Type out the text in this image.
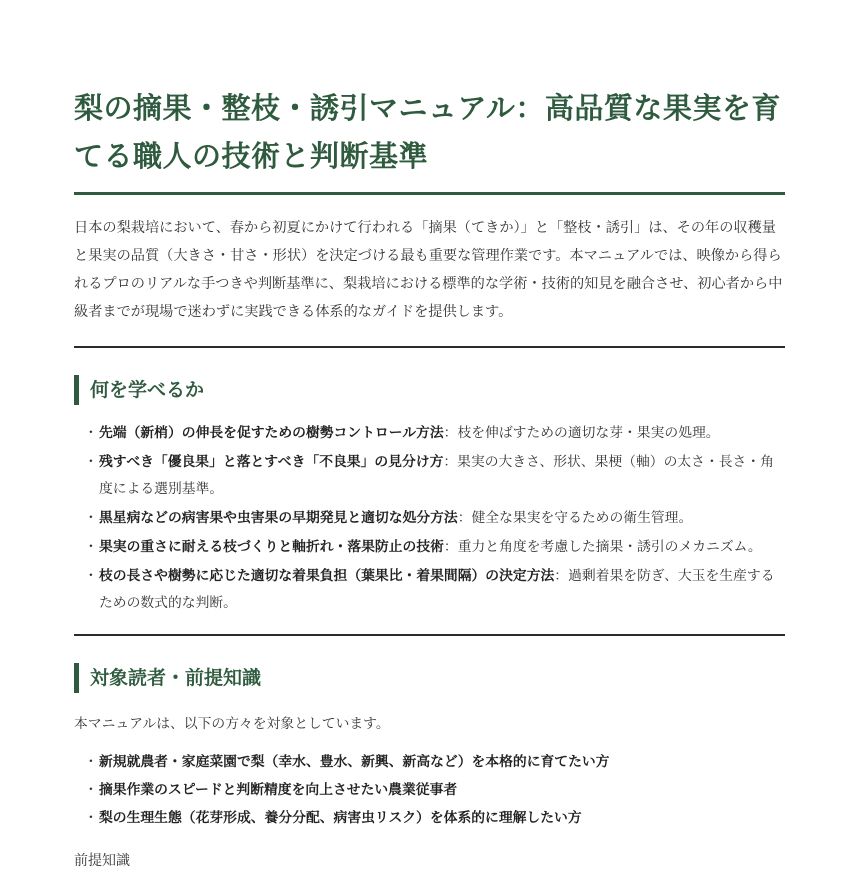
梨の摘果・整枝・誘引マニュアル：高品質な果実を育てる職人の技術と判断基準

日本の梨栽培において、春から初夏にかけて行われる「摘果（てきか）」と「整枝・誘引」は、その年の収穫量と果実の品質（大きさ・甘さ・形状）を決定づける最も重要な管理作業です。本マニュアルでは、映像から得られるプロのリアルな手つきや判断基準に、梨栽培における標準的な学術・技術的知見を融合させ、初心者から中級者までが現場で迷わずに実践できる体系的なガイドを提供します。

何を学べるか
・ 先端（新梢）の伸長を促すための樹勢コントロール方法：枝を伸ばすための適切な芽・果実の処理。
・ 残すべき「優良果」と落とすべき「不良果」の見分け方：果実の大きさ、形状、果梗（軸）の太さ・長さ・角度による選別基準。
・ 黒星病などの病害果や虫害果の早期発見と適切な処分方法：健全な果実を守るための衛生管理。
・ 果実の重さに耐える枝づくりと軸折れ・落果防止の技術：重力と角度を考慮した摘果・誘引のメカニズム。
・ 枝の長さや樹勢に応じた適切な着果負担（葉果比・着果間隔）の決定方法：過剰着果を防ぎ、大玉を生産するための数式的な判断。
対象読者・前提知識

本マニュアルは、以下の方々を対象としています。

・ 新規就農者・家庭菜園で梨（幸水、豊水、新興、新高など）を本格的に育てたい方
・ 摘果作業のスピードと判断精度を向上させたい農業従事者
・ 梨の生理生態（花芽形成、養分分配、病害虫リスク）を体系的に理解したい方

前提知識
